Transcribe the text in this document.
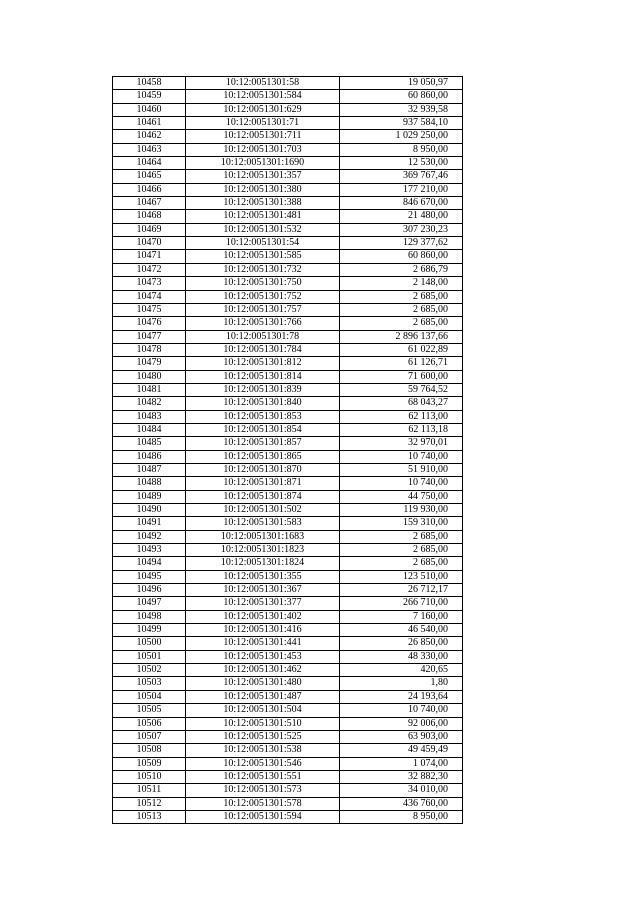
10458	10:12:0051301:58	19 050,97
10459	10:12:0051301:584	60 860,00
10460	10:12:0051301:629	32 939,58
10461	10:12:0051301:71	937 584,10
10462	10:12:0051301:711	1 029 250,00
10463	10:12:0051301:703	8 950,00
10464	10:12:0051301:1690	12 530,00
10465	10:12:0051301:357	369 767,46
10466	10:12:0051301:380	177 210,00
10467	10:12:0051301:388	846 670,00
10468	10:12:0051301:481	21 480,00
10469	10:12:0051301:532	307 230,23
10470	10:12:0051301:54	129 377,62
10471	10:12:0051301:585	60 860,00
10472	10:12:0051301:732	2 686,79
10473	10:12:0051301:750	2 148,00
10474	10:12:0051301:752	2 685,00
10475	10:12:0051301:757	2 685,00
10476	10:12:0051301:766	2 685,00
10477	10:12:0051301:78	2 896 137,66
10478	10:12:0051301:784	61 022,89
10479	10:12:0051301:812	61 126,71
10480	10:12:0051301:814	71 600,00
10481	10:12:0051301:839	59 764,52
10482	10:12:0051301:840	68 043,27
10483	10:12:0051301:853	62 113,00
10484	10:12:0051301:854	62 113,18
10485	10:12:0051301:857	32 970,01
10486	10:12:0051301:865	10 740,00
10487	10:12:0051301:870	51 910,00
10488	10:12:0051301:871	10 740,00
10489	10:12:0051301:874	44 750,00
10490	10:12:0051301:502	119 930,00
10491	10:12:0051301:583	159 310,00
10492	10:12:0051301:1683	2 685,00
10493	10:12:0051301:1823	2 685,00
10494	10:12:0051301:1824	2 685,00
10495	10:12:0051301:355	123 510,00
10496	10:12:0051301:367	26 712,17
10497	10:12:0051301:377	266 710,00
10498	10:12:0051301:402	7 160,00
10499	10:12:0051301:416	46 540,00
10500	10:12:0051301:441	26 850,00
10501	10:12:0051301:453	48 330,00
10502	10:12:0051301:462	420,65
10503	10:12:0051301:480	1,80
10504	10:12:0051301:487	24 193,64
10505	10:12:0051301:504	10 740,00
10506	10:12:0051301:510	92 006,00
10507	10:12:0051301:525	63 903,00
10508	10:12:0051301:538	49 459,49
10509	10:12:0051301:546	1 074,00
10510	10:12:0051301:551	32 882,30
10511	10:12:0051301:573	34 010,00
10512	10:12:0051301:578	436 760,00
10513	10:12:0051301:594	8 950,00
